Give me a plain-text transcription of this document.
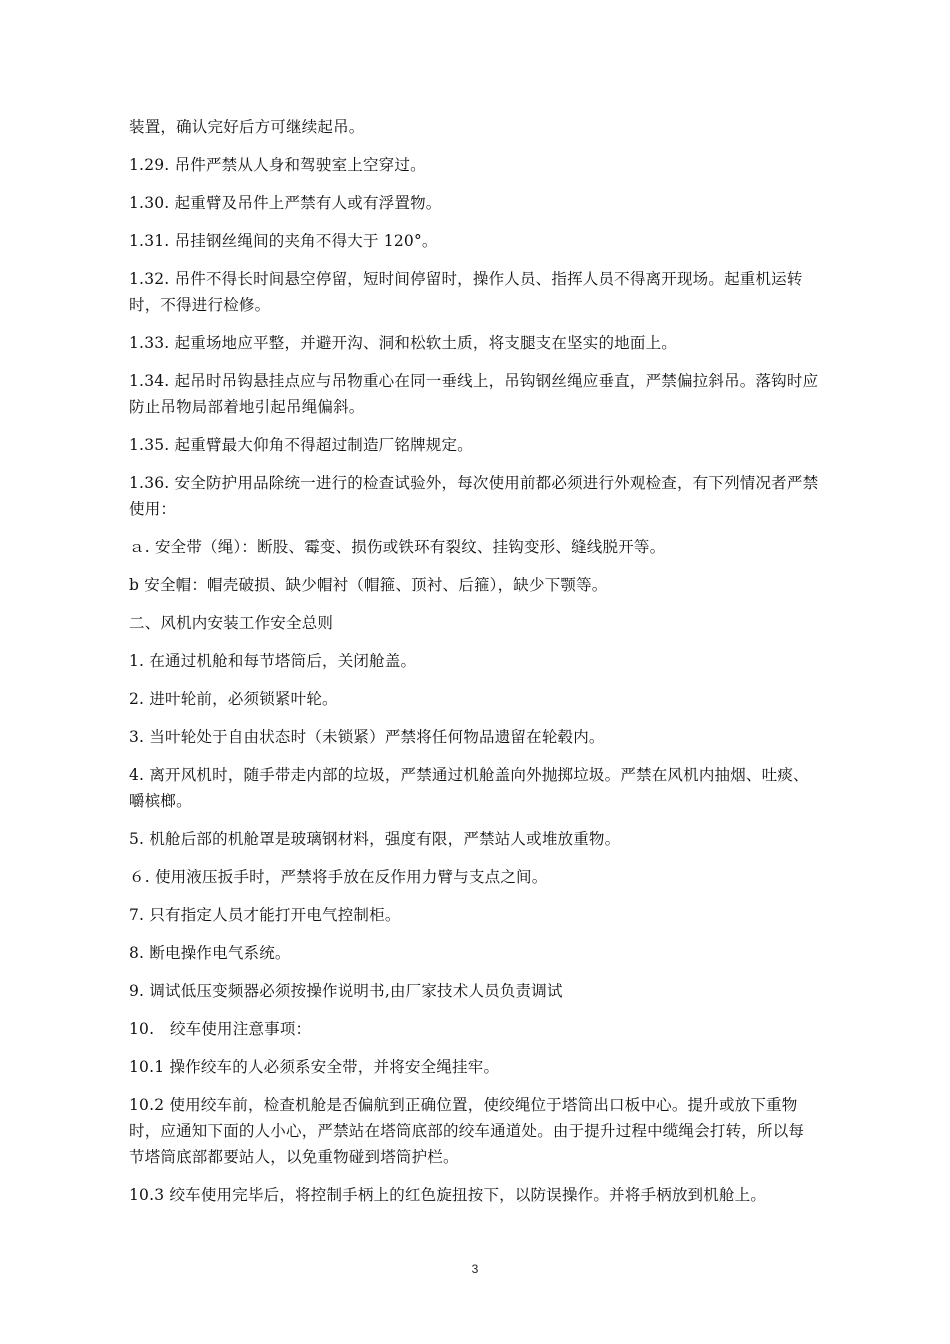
装置，确认完好后方可继续起吊。

1.29. 吊件严禁从人身和驾驶室上空穿过。

1.30. 起重臂及吊件上严禁有人或有浮置物。

1.31. 吊挂钢丝绳间的夹角不得大于 120°。

1.32. 吊件不得长时间悬空停留，短时间停留时，操作人员、指挥人员不得离开现场。起重机运转时，不得进行检修。

1.33. 起重场地应平整，并避开沟、洞和松软土质，将支腿支在坚实的地面上。

1.34. 起吊时吊钩悬挂点应与吊物重心在同一垂线上，吊钩钢丝绳应垂直，严禁偏拉斜吊。落钩时应防止吊物局部着地引起吊绳偏斜。

1.35. 起重臂最大仰角不得超过制造厂铭牌规定。

1.36. 安全防护用品除统一进行的检查试验外，每次使用前都必须进行外观检查，有下列情况者严禁使用：

ａ. 安全带（绳）：断股、霉变、损伤或铁环有裂纹、挂钩变形、缝线脱开等。

b 安全帽：帽壳破损、缺少帽衬（帽箍、顶衬、后箍），缺少下颚等。

二、风机内安装工作安全总则

1. 在通过机舱和每节塔筒后，关闭舱盖。

2. 进叶轮前，必须锁紧叶轮。

3. 当叶轮处于自由状态时（未锁紧）严禁将任何物品遗留在轮毂内。

4. 离开风机时，随手带走内部的垃圾，严禁通过机舱盖向外抛掷垃圾。严禁在风机内抽烟、吐痰、嚼槟榔。

5. 机舱后部的机舱罩是玻璃钢材料，强度有限，严禁站人或堆放重物。

６. 使用液压扳手时，严禁将手放在反作用力臂与支点之间。

7. 只有指定人员才能打开电气控制柜。

8. 断电操作电气系统。

9. 调试低压变频器必须按操作说明书,由厂家技术人员负责调试

10.　绞车使用注意事项：

10.1 操作绞车的人必须系安全带，并将安全绳挂牢。

10.2 使用绞车前，检查机舱是否偏航到正确位置，使绞绳位于塔筒出口板中心。提升或放下重物时，应通知下面的人小心，严禁站在塔筒底部的绞车通道处。由于提升过程中缆绳会打转，所以每节塔筒底部都要站人，以免重物碰到塔筒护栏。

10.3 绞车使用完毕后，将控制手柄上的红色旋扭按下，以防误操作。并将手柄放到机舱上。

3
